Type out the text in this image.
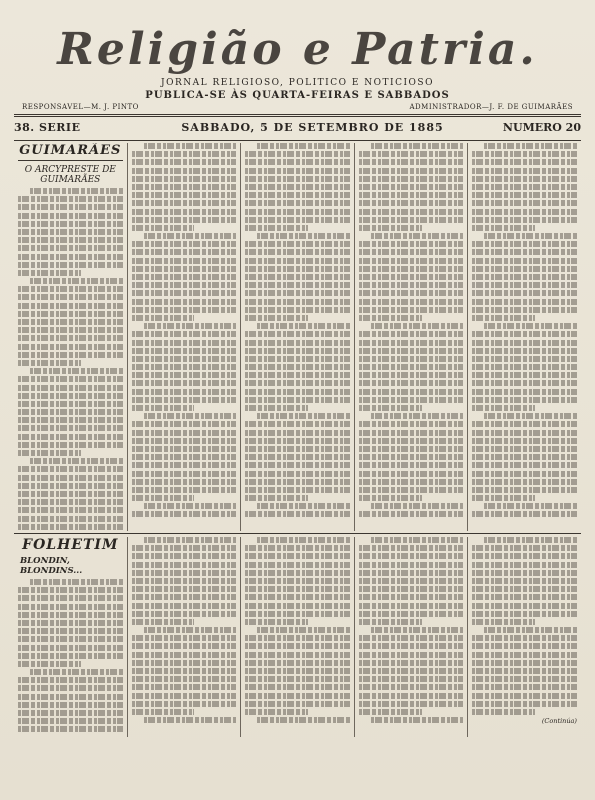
Religião e Patria.
JORNAL RELIGIOSO, POLITICO E NOTICIOSO
PUBLICA-SE ÀS QUARTA-FEIRAS E SABBADOS
RESPONSAVEL—M. J. PINTO	ADMINISTRADOR—J. F. DE GUIMARÃES
38. SERIE	SABBADO, 5 DE SETEMBRO DE 1885	NUMERO 20
GUIMARÃES
O ARCYPRESTE DE GUIMARÃES
FOLHETIM
BLONDIN, BLONDINS...
(Continúa)
